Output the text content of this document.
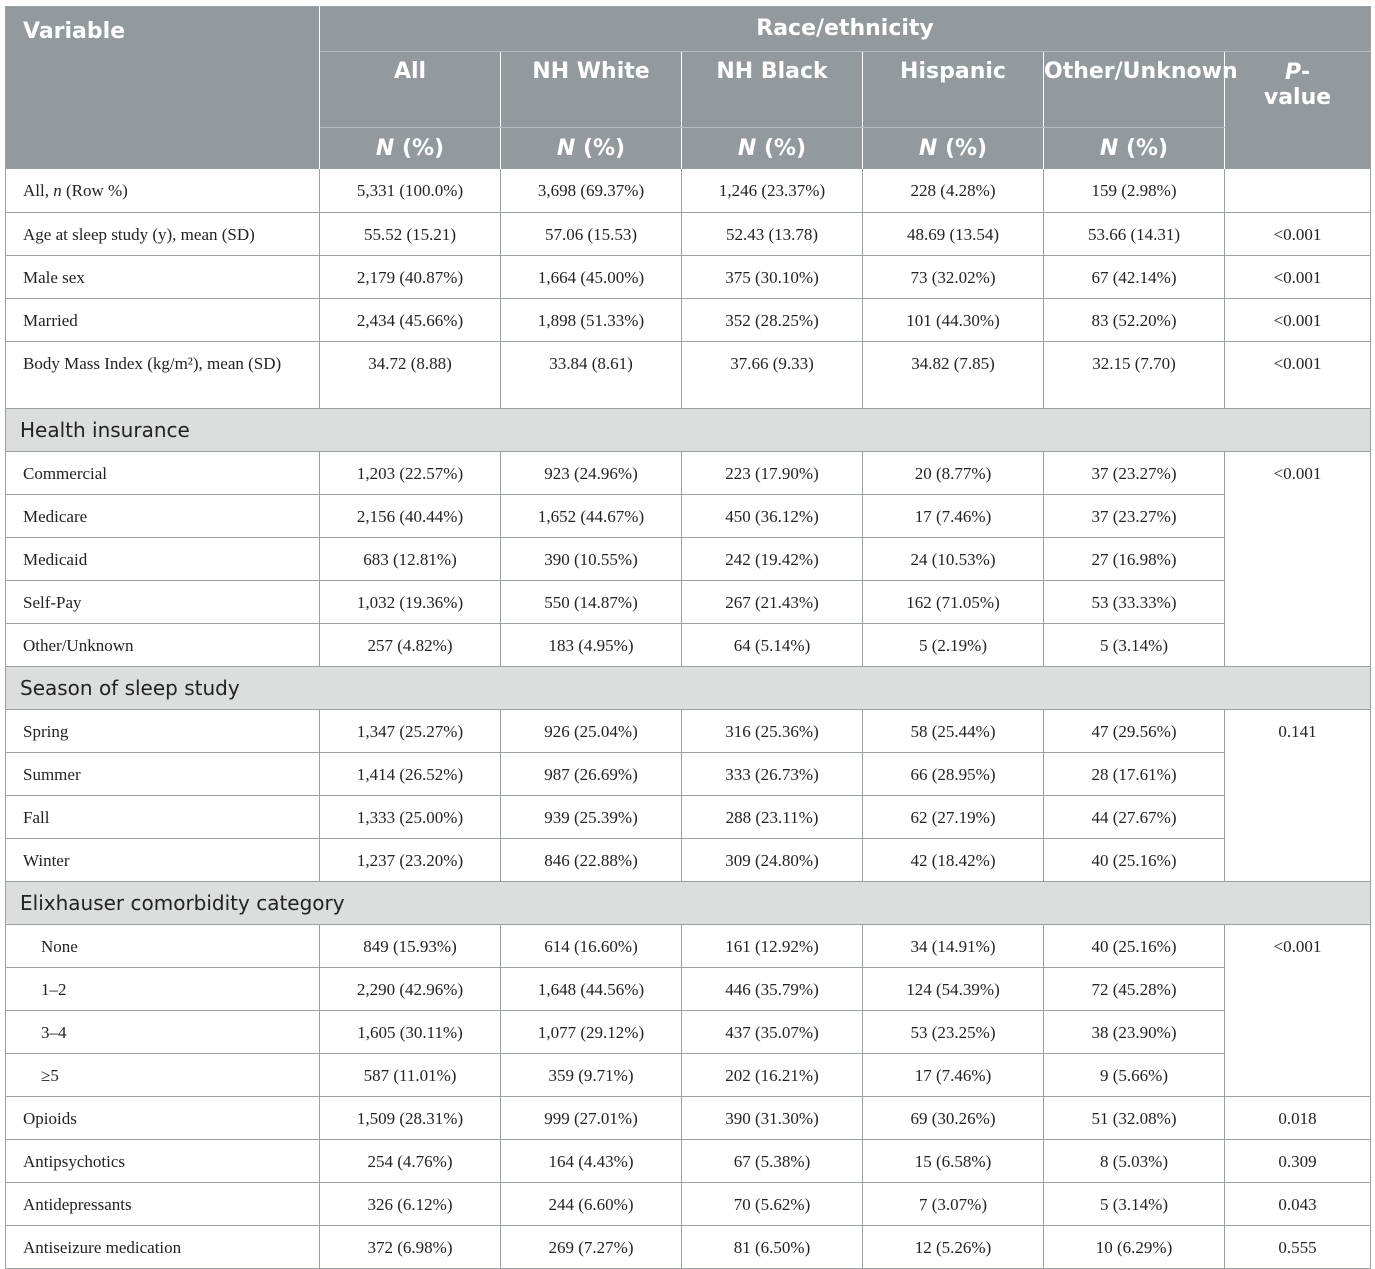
Variable	Race/ethnicity					
	All	NH White	NH Black	Hispanic	Other/Unknown	P-
value
	N (%)	N (%)	N (%)	N (%)	N (%)	
All, n (Row %)	5,331 (100.0%)	3,698 (69.37%)	1,246 (23.37%)	228 (4.28%)	159 (2.98%)	
Age at sleep study (y), mean (SD)	55.52 (15.21)	57.06 (15.53)	52.43 (13.78)	48.69 (13.54)	53.66 (14.31)	<0.001
Male sex	2,179 (40.87%)	1,664 (45.00%)	375 (30.10%)	73 (32.02%)	67 (42.14%)	<0.001
Married	2,434 (45.66%)	1,898 (51.33%)	352 (28.25%)	101 (44.30%)	83 (52.20%)	<0.001
Body Mass Index (kg/m²), mean (SD)	34.72 (8.88)	33.84 (8.61)	37.66 (9.33)	34.82 (7.85)	32.15 (7.70)	<0.001
Health insurance						
Commercial	1,203 (22.57%)	923 (24.96%)	223 (17.90%)	20 (8.77%)	37 (23.27%)	<0.001
Medicare	2,156 (40.44%)	1,652 (44.67%)	450 (36.12%)	17 (7.46%)	37 (23.27%)	
Medicaid	683 (12.81%)	390 (10.55%)	242 (19.42%)	24 (10.53%)	27 (16.98%)	
Self-Pay	1,032 (19.36%)	550 (14.87%)	267 (21.43%)	162 (71.05%)	53 (33.33%)	
Other/Unknown	257 (4.82%)	183 (4.95%)	64 (5.14%)	5 (2.19%)	5 (3.14%)	
Season of sleep study						
Spring	1,347 (25.27%)	926 (25.04%)	316 (25.36%)	58 (25.44%)	47 (29.56%)	0.141
Summer	1,414 (26.52%)	987 (26.69%)	333 (26.73%)	66 (28.95%)	28 (17.61%)	
Fall	1,333 (25.00%)	939 (25.39%)	288 (23.11%)	62 (27.19%)	44 (27.67%)	
Winter	1,237 (23.20%)	846 (22.88%)	309 (24.80%)	42 (18.42%)	40 (25.16%)	
Elixhauser comorbidity category						
None	849 (15.93%)	614 (16.60%)	161 (12.92%)	34 (14.91%)	40 (25.16%)	<0.001
1–2	2,290 (42.96%)	1,648 (44.56%)	446 (35.79%)	124 (54.39%)	72 (45.28%)	
3–4	1,605 (30.11%)	1,077 (29.12%)	437 (35.07%)	53 (23.25%)	38 (23.90%)	
≥5	587 (11.01%)	359 (9.71%)	202 (16.21%)	17 (7.46%)	9 (5.66%)	
Opioids	1,509 (28.31%)	999 (27.01%)	390 (31.30%)	69 (30.26%)	51 (32.08%)	0.018
Antipsychotics	254 (4.76%)	164 (4.43%)	67 (5.38%)	15 (6.58%)	8 (5.03%)	0.309
Antidepressants	326 (6.12%)	244 (6.60%)	70 (5.62%)	7 (3.07%)	5 (3.14%)	0.043
Antiseizure medication	372 (6.98%)	269 (7.27%)	81 (6.50%)	12 (5.26%)	10 (6.29%)	0.555
